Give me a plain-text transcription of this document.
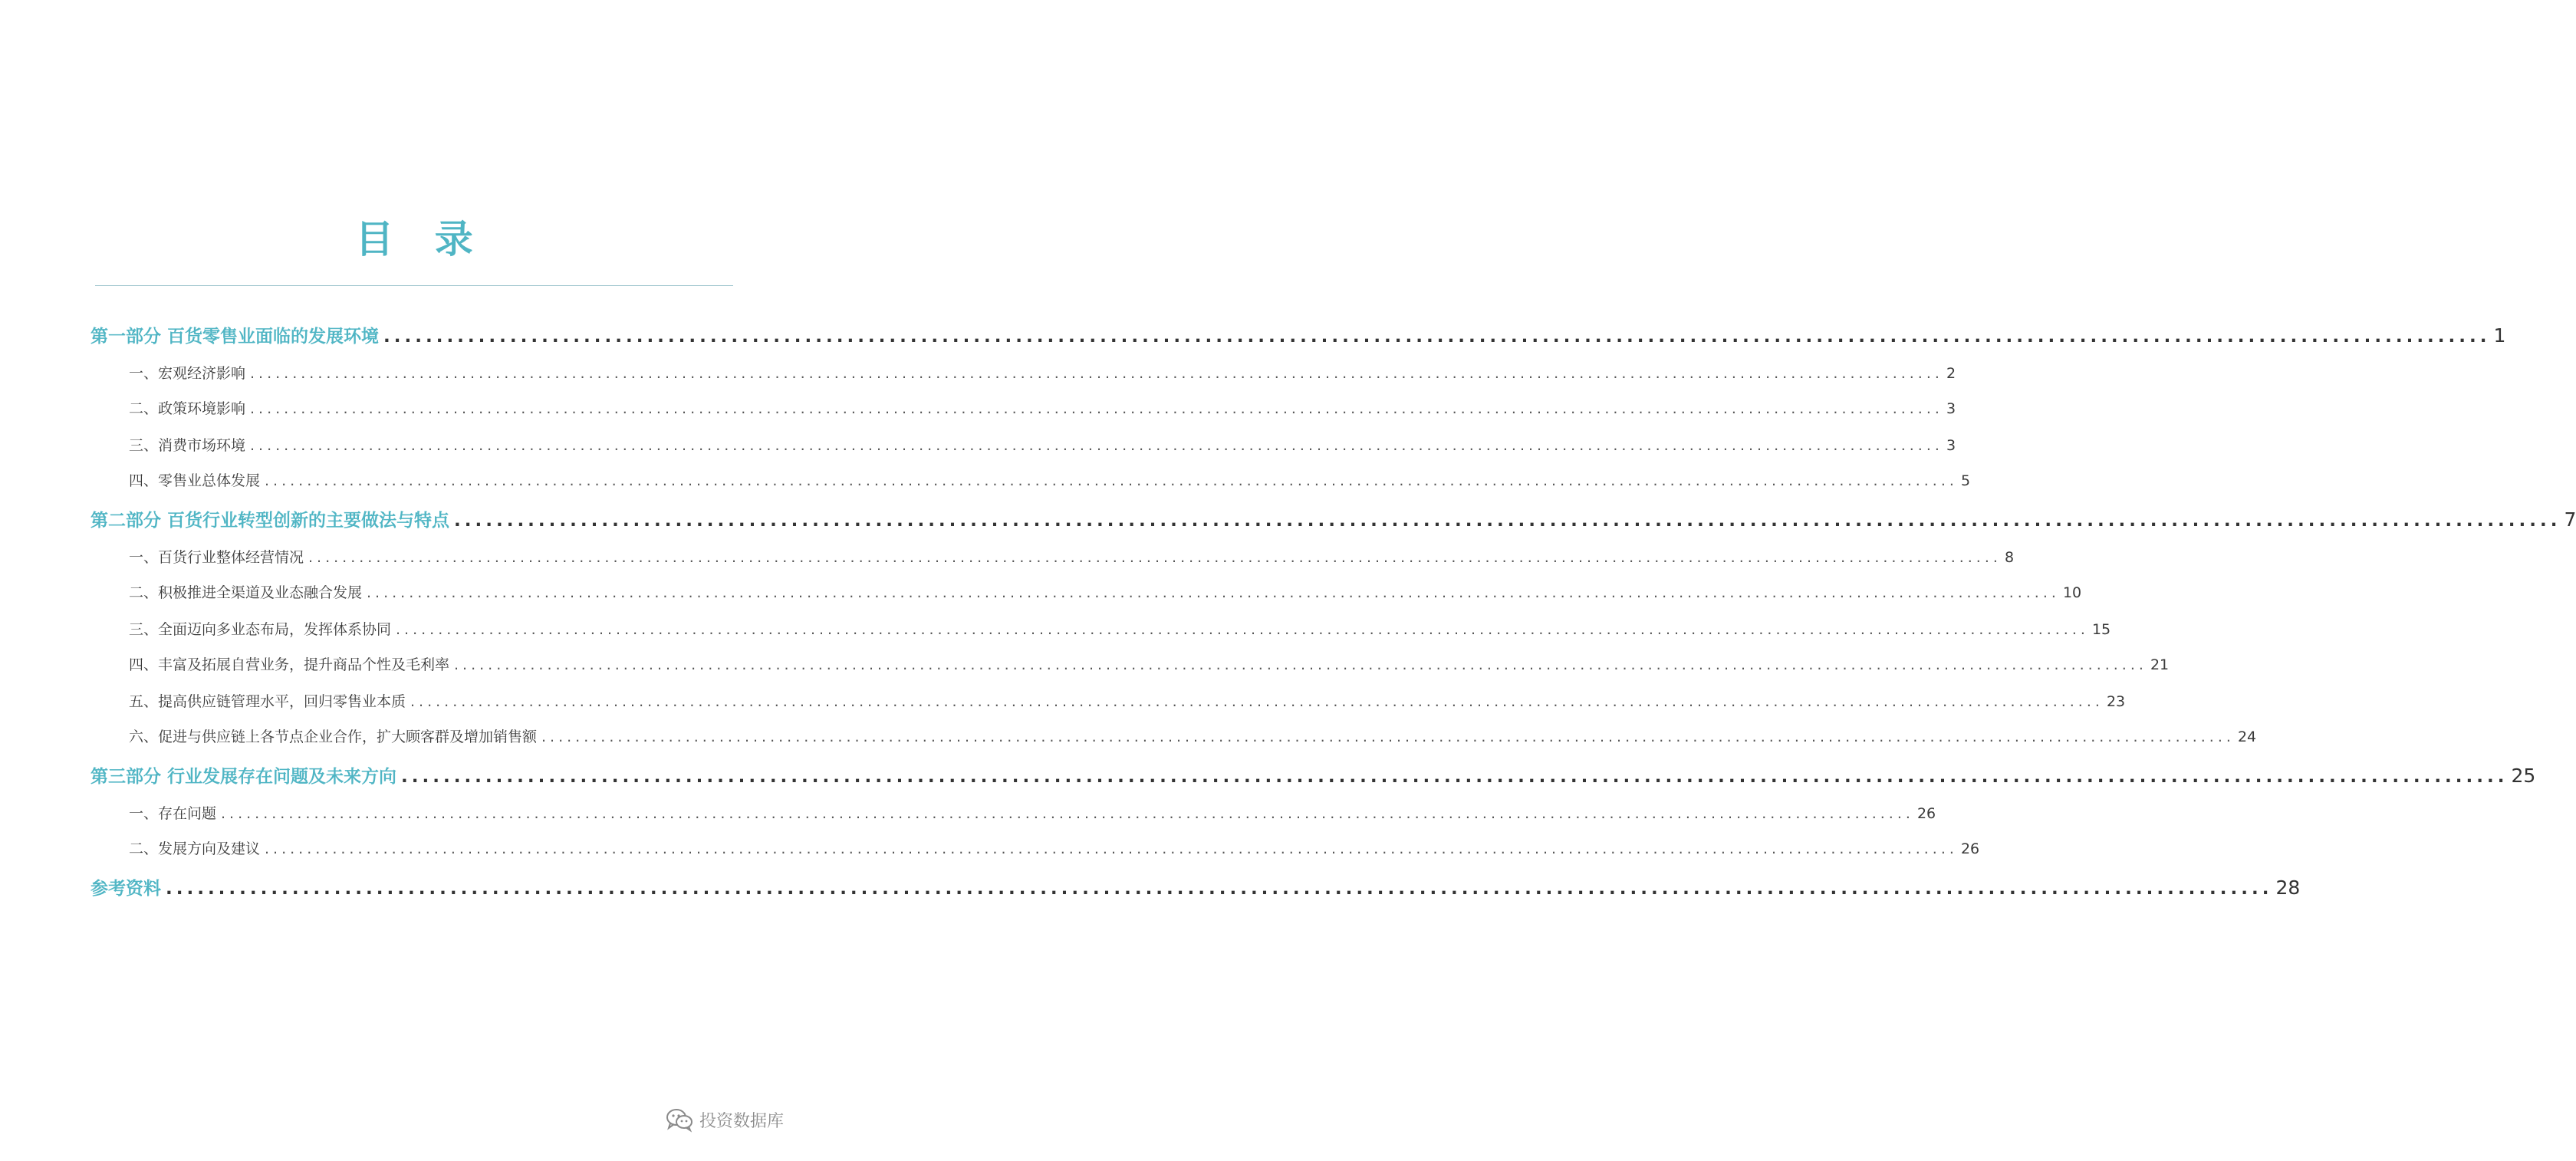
目 录
第一部分 百货零售业面临的发展环境 ........................................................................................................................................................................................................ 1
一、宏观经济影响 ........................................................................................................................................................................................................ 2
二、政策环境影响 ........................................................................................................................................................................................................ 3
三、消费市场环境 ........................................................................................................................................................................................................ 3
四、零售业总体发展 ........................................................................................................................................................................................................ 5
第二部分 百货行业转型创新的主要做法与特点 ........................................................................................................................................................................................................ 7
一、百货行业整体经营情况 ........................................................................................................................................................................................................ 8
二、积极推进全渠道及业态融合发展 ........................................................................................................................................................................................................ 10
三、全面迈向多业态布局，发挥体系协同 ........................................................................................................................................................................................................ 15
四、丰富及拓展自营业务，提升商品个性及毛利率 ........................................................................................................................................................................................................ 21
五、提高供应链管理水平，回归零售业本质 ........................................................................................................................................................................................................ 23
六、促进与供应链上各节点企业合作，扩大顾客群及增加销售额 ........................................................................................................................................................................................................ 24
第三部分 行业发展存在问题及未来方向 ........................................................................................................................................................................................................ 25
一、存在问题 ........................................................................................................................................................................................................ 26
二、发展方向及建议 ........................................................................................................................................................................................................ 26
参考资料 ........................................................................................................................................................................................................ 28
投资数据库
